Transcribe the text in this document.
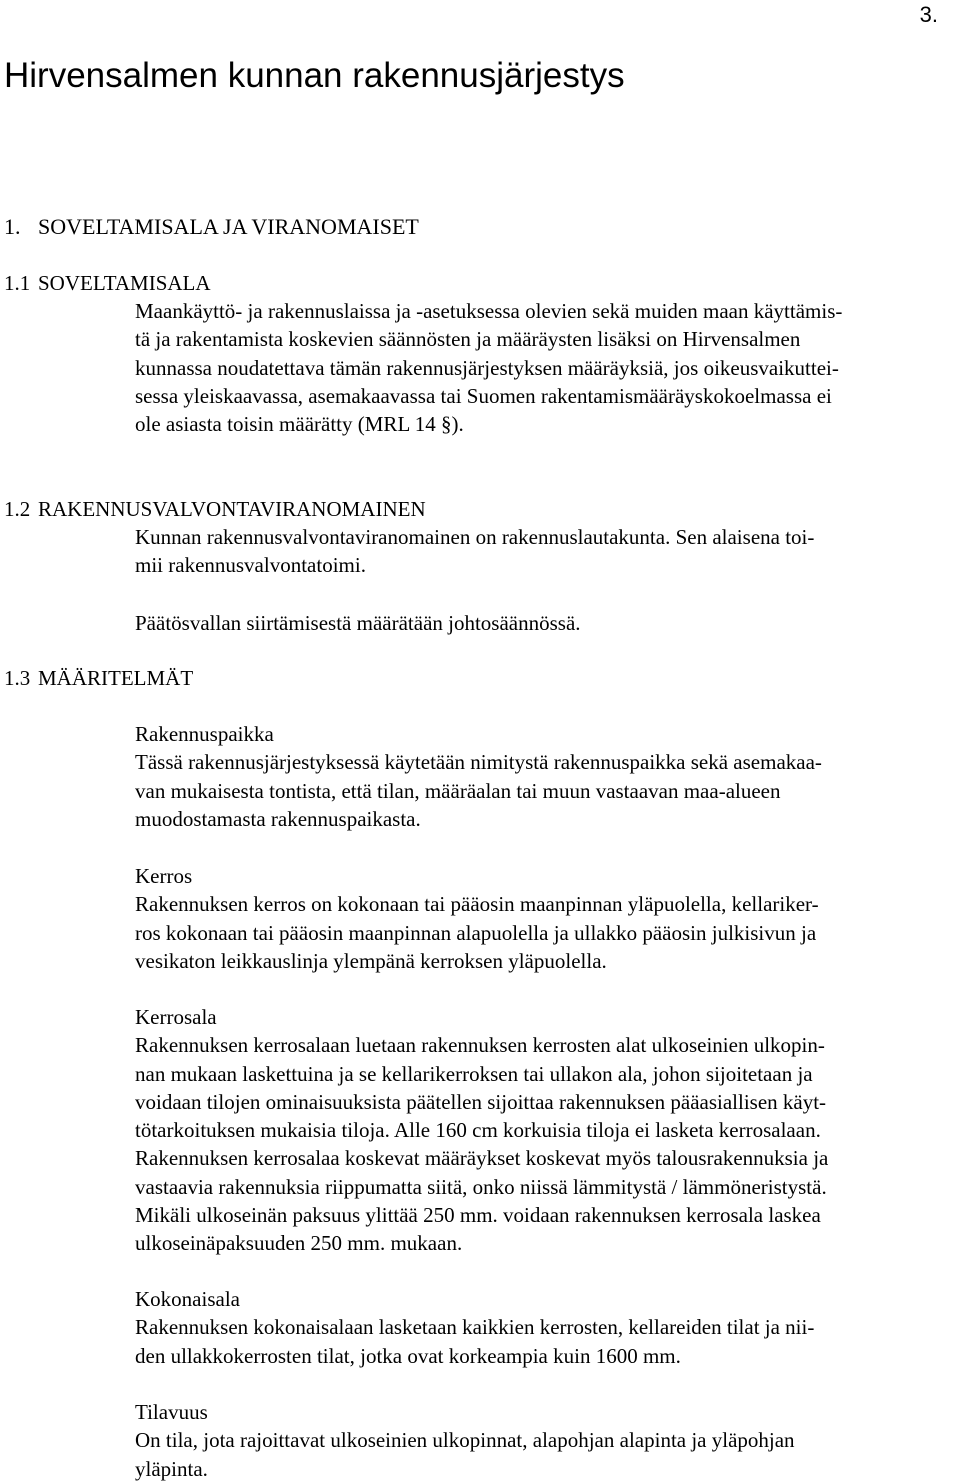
3.
Hirvensalmen kunnan rakennusjärjestys
1. SOVELTAMISALA JA VIRANOMAISET
1.1 SOVELTAMISALA
Maankäyttö- ja rakennuslaissa ja -asetuksessa olevien sekä muiden maan käyttämis-
tä ja rakentamista koskevien säännösten ja määräysten lisäksi on Hirvensalmen
kunnassa noudatettava tämän rakennusjärjestyksen määräyksiä, jos oikeusvaikuttei-
sessa yleiskaavassa, asemakaavassa tai Suomen rakentamismääräyskokoelmassa ei
ole asiasta toisin määrätty (MRL 14 §).
1.2 RAKENNUSVALVONTAVIRANOMAINEN
Kunnan rakennusvalvontaviranomainen on rakennuslautakunta. Sen alaisena toi-
mii rakennusvalvontatoimi.
Päätösvallan siirtämisestä määrätään johtosäännössä.
1.3 MÄÄRITELMÄT
Rakennuspaikka
Tässä rakennusjärjestyksessä käytetään nimitystä rakennuspaikka sekä asemakaa-
van mukaisesta tontista, että tilan, määräalan tai muun vastaavan maa-alueen
muodostamasta rakennuspaikasta.
Kerros
Rakennuksen kerros on kokonaan tai pääosin maanpinnan yläpuolella, kellariker-
ros kokonaan tai pääosin maanpinnan alapuolella ja ullakko pääosin julkisivun ja
vesikaton leikkauslinja ylempänä kerroksen yläpuolella.
Kerrosala
Rakennuksen kerrosalaan luetaan rakennuksen kerrosten alat ulkoseinien ulkopin-
nan mukaan laskettuina ja se kellarikerroksen tai ullakon ala, johon sijoitetaan ja
voidaan tilojen ominaisuuksista päätellen sijoittaa rakennuksen pääasiallisen käyt-
tötarkoituksen mukaisia tiloja. Alle 160 cm korkuisia tiloja ei lasketa kerrosalaan.
Rakennuksen kerrosalaa koskevat määräykset koskevat myös talousrakennuksia ja
vastaavia rakennuksia riippumatta siitä, onko niissä lämmitystä / lämmöneristystä.
Mikäli ulkoseinän paksuus ylittää 250 mm. voidaan rakennuksen kerrosala laskea
ulkoseinäpaksuuden 250 mm. mukaan.
Kokonaisala
Rakennuksen kokonaisalaan lasketaan kaikkien kerrosten, kellareiden tilat ja nii-
den ullakkokerrosten tilat, jotka ovat korkeampia kuin 1600 mm.
Tilavuus
On tila, jota rajoittavat ulkoseinien ulkopinnat, alapohjan alapinta ja yläpohjan
yläpinta.
